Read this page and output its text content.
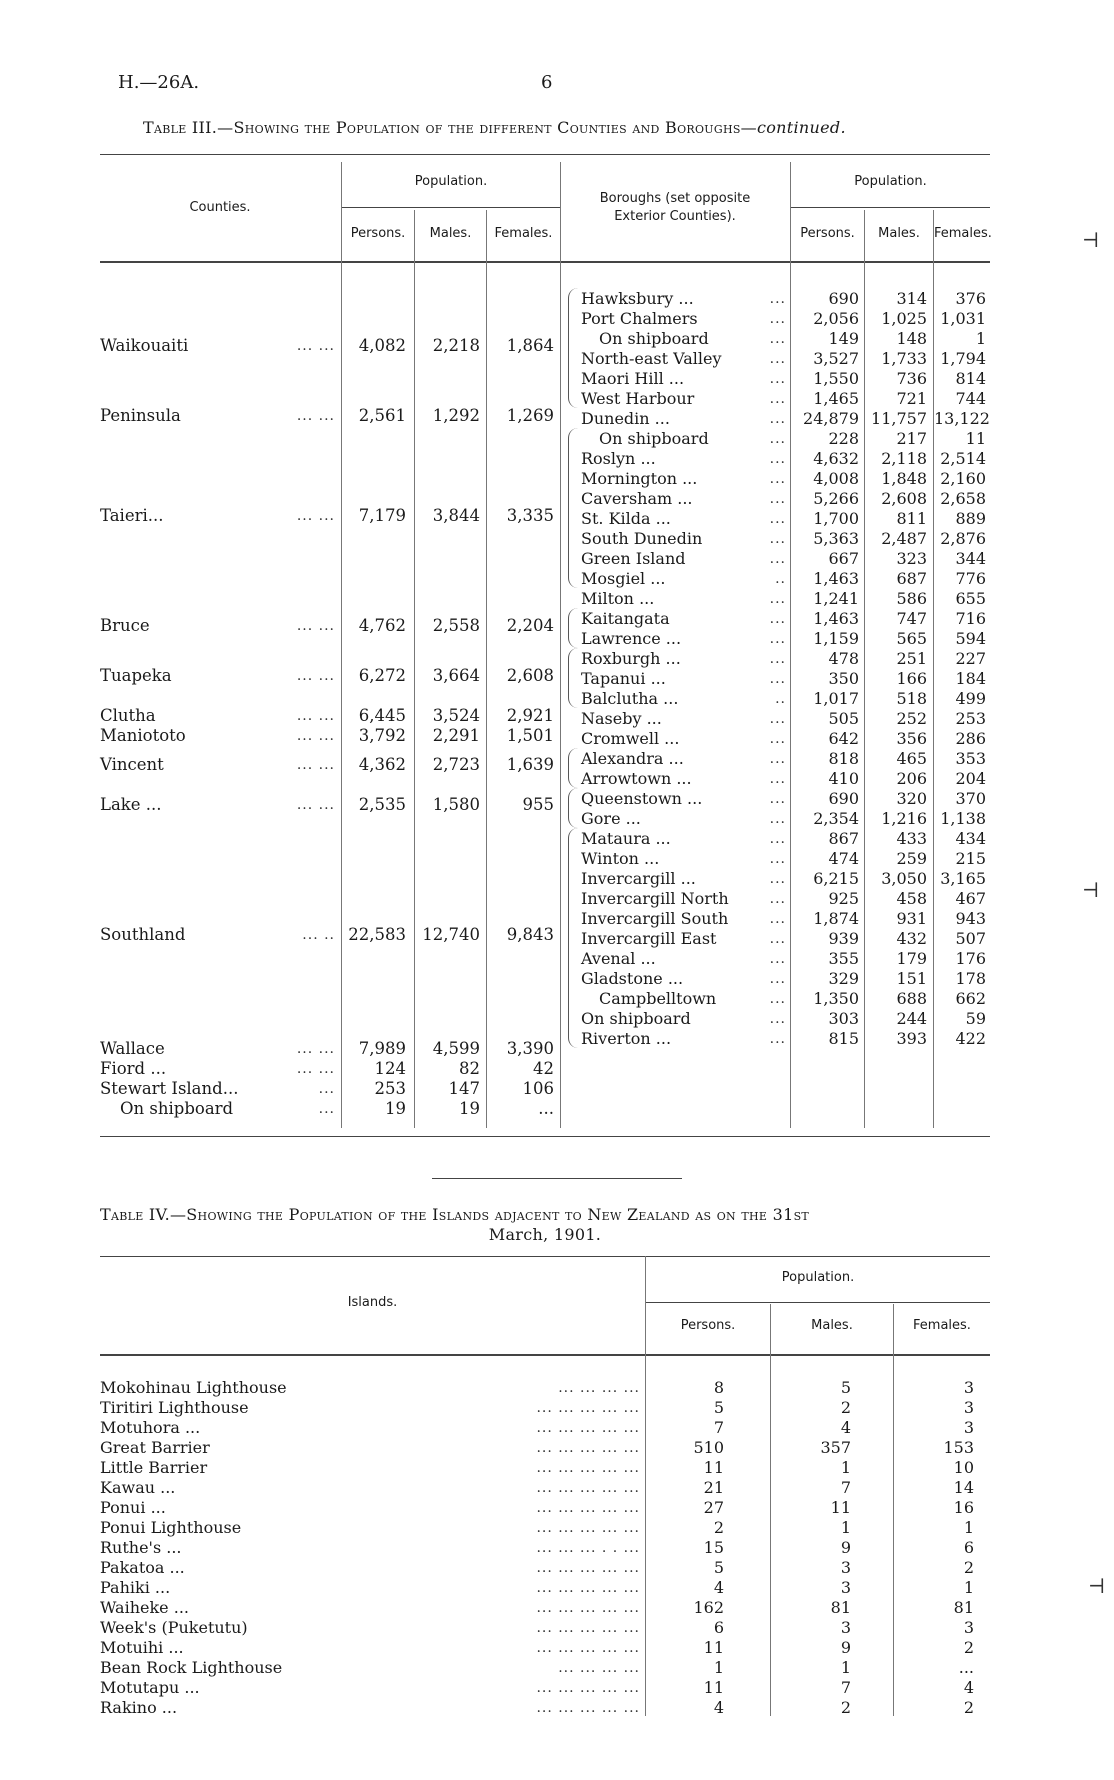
H.—26A.	6
Table III.—Showing the Population of the different Counties and Boroughs—continued.
Counties.
Population.
Persons.	Males.	Females.
Boroughs (set opposite Exterior Counties).
Population.
Persons.	Males.	Females.
Waikouaiti	... ...	4,082	2,218	1,864
Peninsula	... ...	2,561	1,292	1,269
Taieri...	... ...	7,179	3,844	3,335
Bruce	... ...	4,762	2,558	2,204
Tuapeka	... ...	6,272	3,664	2,608
Clutha	... ...	6,445	3,524	2,921
Maniototo	... ...	3,792	2,291	1,501
Vincent	... ...	4,362	2,723	1,639
Lake ...	... ...	2,535	1,580	955
Southland	... .. 22,583 12,740	9,843
Wallace	... ...	7,989	4,599	3,390
Fiord ...	... ...	124	82	42
Stewart Island...	...	253	147	106
On shipboard	...	19	19	...
Hawksbury ...	...	690	314	376
Port Chalmers	...	2,056	1,025 1,031
On shipboard	...	149	148	1
North-east Valley	...	3,527	1,733 1,794
Maori Hill ...	...	1,550	736	814
West Harbour	...	1,465	721	744
Dunedin ...	...	24,879 11,757 13,122
On shipboard	...	228	217	11
Roslyn ...	...	4,632	2,118 2,514
Mornington ...	...	4,008	1,848 2,160
Caversham ...	...	5,266	2,608 2,658
St. Kilda ...	...	1,700	811	889
South Dunedin	...	5,363	2,487 2,876
Green Island	...	667	323	344
Mosgiel ...	..	1,463	687	776
Milton ...	...	1,241	586	655
Kaitangata	...	1,463	747	716
Lawrence ...	...	1,159	565	594
Roxburgh ...	...	478	251	227
Tapanui ...	...	350	166	184
Balclutha ...	..	1,017	518	499
Naseby ...	...	505	252	253
Cromwell ...	...	642	356	286
Alexandra ...	...	818	465	353
Arrowtown ...	...	410	206	204
Queenstown ...	...	690	320	370
Gore ...	...	2,354	1,216 1,138
Mataura ...	...	867	433	434
Winton ...	...	474	259	215
Invercargill ...	...	6,215	3,050 3,165
Invercargill North	...	925	458	467
Invercargill South	...	1,874	931	943
Invercargill East	...	939	432	507
Avenal ...	...	355	179	176
Gladstone ...	...	329	151	178
Campbelltown	...	1,350	688	662
On shipboard	...	303	244	59
Riverton ...	...	815	393	422
Table IV.—Showing the Population of the Islands adjacent to New Zealand as on the 31st
March, 1901.
Islands.
Population.
Persons.	Males.	Females.
Mokohinau Lighthouse	... ... ... ...	8	5	3
Tiritiri Lighthouse	... ... ... ... ...	5	2	3
Motuhora ...	... ... ... ... ...	7	4	3
Great Barrier	... ... ... ... ...	510	357	153
Little Barrier	... ... ... ... ...	11	1	10
Kawau ...	... ... ... ... ...	21	7	14
Ponui ...	... ... ... ... ...	27	11	16
Ponui Lighthouse	... ... ... ... ...	2	1	1
Ruthe's ...	... ... ... . . ...	15	9	6
Pakatoa ...	... ... ... ... ...	5	3	2
Pahiki ...	... ... ... ... ...	4	3	1
Waiheke ...	... ... ... ... ...	162	81	81
Week's (Puketutu)	... ... ... ... ...	6	3	3
Motuihi ...	... ... ... ... ...	11	9	2
Bean Rock Lighthouse	... ... ... ...	1	1	...
Motutapu ...	... ... ... ... ...	11	7	4
Rakino ...	... ... ... ... ...	4	2	2
⊣
⊣
⊣
